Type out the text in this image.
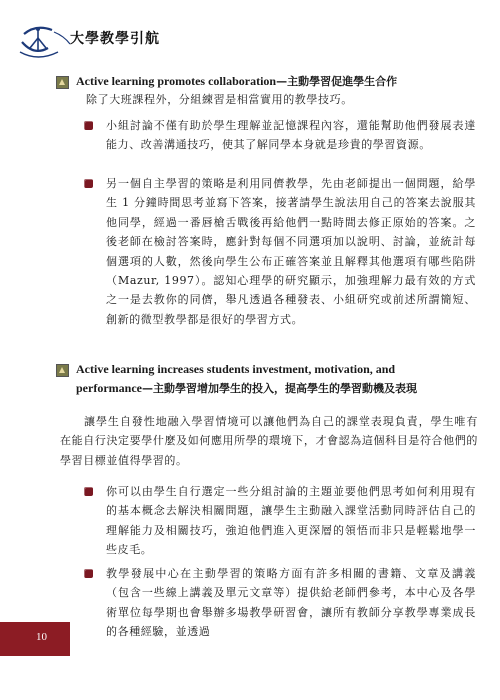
大學教學引航
Active learning promotes collaboration—主動學習促進學生合作
除了大班課程外，分組練習是相當實用的教學技巧。
小組討論不僅有助於學生理解並記憶課程內容，還能幫助他們發展表達能力、改善溝通技巧，使其了解同學本身就是珍貴的學習資源。
另一個自主學習的策略是利用同儕教學，先由老師提出一個問題，給學生 1 分鐘時間思考並寫下答案，接著請學生說法用自己的答案去說服其他同學，經過一番唇槍舌戰後再給他們一點時間去修正原始的答案。之後老師在檢討答案時，應針對每個不同選項加以說明、討論，並統計每個選項的人數，然後向學生公布正確答案並且解釋其他選項有哪些陷阱（Mazur, 1997）。認知心理學的研究顯示，加強理解力最有效的方式之一是去教你的同儕，舉凡透過各種發表、小組研究或前述所謂簡短、創新的微型教學都是很好的學習方式。
Active learning increases students investment, motivation, and performance—主動學習增加學生的投入，提高學生的學習動機及表現
讓學生自發性地融入學習情境可以讓他們為自己的課堂表現負責，學生唯有在能自行決定要學什麼及如何應用所學的環境下，才會認為這個科目是符合他們的學習目標並值得學習的。
你可以由學生自行選定一些分組討論的主題並要他們思考如何利用現有的基本概念去解決相關問題，讓學生主動融入課堂活動同時評估自己的理解能力及相關技巧，強迫他們進入更深層的領悟而非只是輕鬆地學一些皮毛。
教學發展中心在主動學習的策略方面有許多相關的書籍、文章及講義（包含一些線上講義及單元文章等）提供給老師們參考，本中心及各學術單位每學期也會舉辦多場教學研習會，讓所有教師分享教學專業成長的各種經驗，並透過
10
